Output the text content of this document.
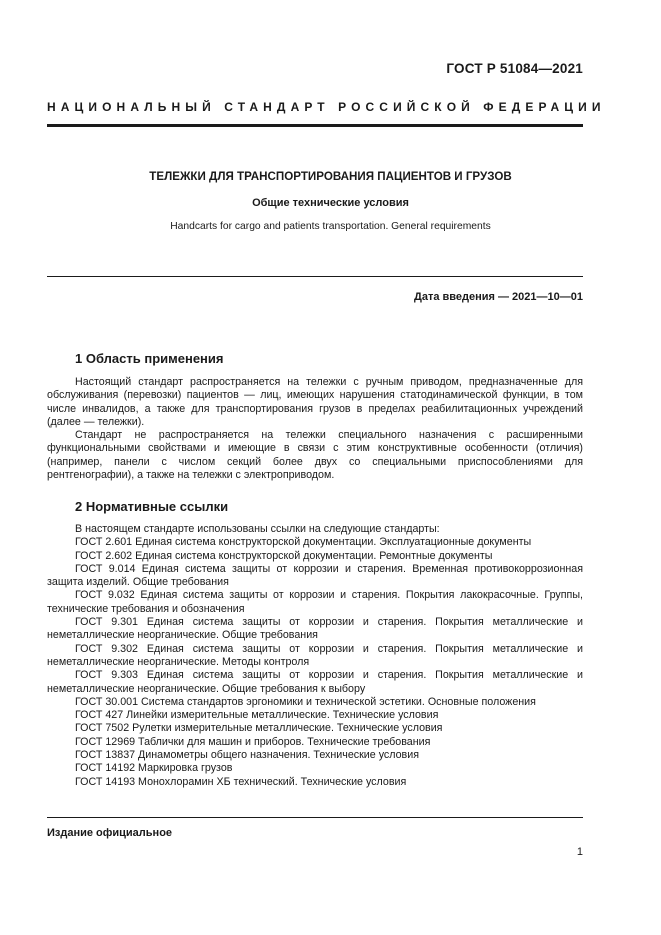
ГОСТ Р 51084—2021
НАЦИОНАЛЬНЫЙ СТАНДАРТ РОССИЙСКОЙ ФЕДЕРАЦИИ
ТЕЛЕЖКИ ДЛЯ ТРАНСПОРТИРОВАНИЯ ПАЦИЕНТОВ И ГРУЗОВ
Общие технические условия
Handcarts for cargo and patients transportation. General requirements
Дата введения — 2021—10—01
1 Область применения

Настоящий стандарт распространяется на тележки с ручным приводом, предназначенные для обслуживания (перевозки) пациентов — лиц, имеющих нарушения статодинамической функции, в том числе инвалидов, а также для транспортирования грузов в пределах реабилитационных учреждений (далее — тележки).

Стандарт не распространяется на тележки специального назначения с расширенными функциональными свойствами и имеющие в связи с этим конструктивные особенности (отличия) (например, панели с числом секций более двух со специальными приспособлениями для рентгенографии), а также на тележки с электроприводом.

2 Нормативные ссылки
В настоящем стандарте использованы ссылки на следующие стандарты:
ГОСТ 2.601 Единая система конструкторской документации. Эксплуатационные документы
ГОСТ 2.602 Единая система конструкторской документации. Ремонтные документы
ГОСТ 9.014 Единая система защиты от коррозии и старения. Временная противокоррозионная защита изделий. Общие требования
ГОСТ 9.032 Единая система защиты от коррозии и старения. Покрытия лакокрасочные. Группы, технические требования и обозначения
ГОСТ 9.301 Единая система защиты от коррозии и старения. Покрытия металлические и неметаллические неорганические. Общие требования
ГОСТ 9.302 Единая система защиты от коррозии и старения. Покрытия металлические и неметаллические неорганические. Методы контроля
ГОСТ 9.303 Единая система защиты от коррозии и старения. Покрытия металлические и неметаллические неорганические. Общие требования к выбору
ГОСТ 30.001 Система стандартов эргономики и технической эстетики. Основные положения
ГОСТ 427 Линейки измерительные металлические. Технические условия
ГОСТ 7502 Рулетки измерительные металлические. Технические условия
ГОСТ 12969 Таблички для машин и приборов. Технические требования
ГОСТ 13837 Динамометры общего назначения. Технические условия
ГОСТ 14192 Маркировка грузов
ГОСТ 14193 Монохлорамин ХБ технический. Технические условия
Издание официальное
1
